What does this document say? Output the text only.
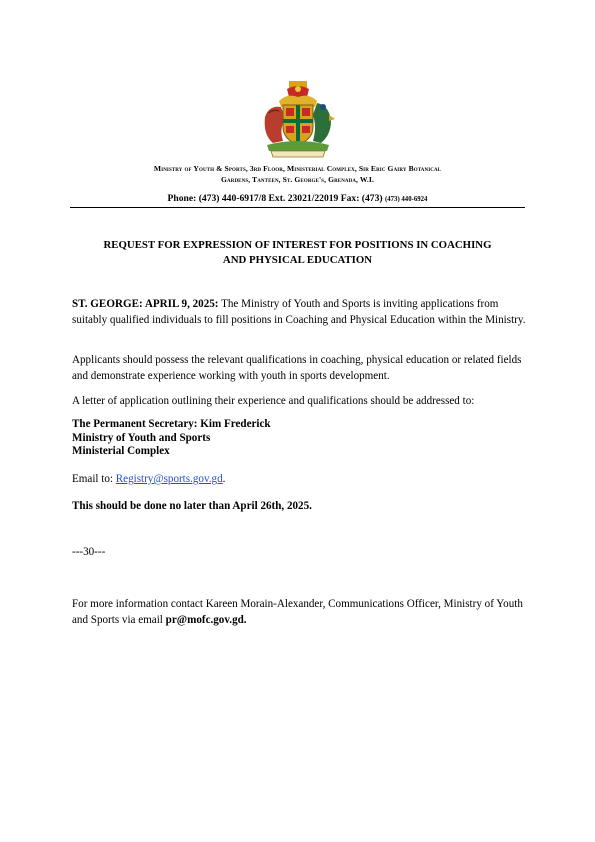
Ministry of Youth & Sports, 3rd Floor, Ministerial Complex, Sir Eric Gairy Botanical
Gardens, Tanteen, St. George's, Grenada, W.I.
Phone: (473) 440-6917/8 Ext. 23021/22019 Fax: (473) (473) 440-6924
REQUEST FOR EXPRESSION OF INTEREST FOR POSITIONS IN COACHING
AND PHYSICAL EDUCATION
ST. GEORGE: APRIL 9, 2025: The Ministry of Youth and Sports is inviting applications from suitably qualified individuals to fill positions in Coaching and Physical Education within the Ministry.
Applicants should possess the relevant qualifications in coaching, physical education or related fields and demonstrate experience working with youth in sports development.
A letter of application outlining their experience and qualifications should be addressed to:
The Permanent Secretary: Kim Frederick
Ministry of Youth and Sports
Ministerial Complex
Email to: Registry@sports.gov.gd.
This should be done no later than April 26th, 2025.
---30---
For more information contact Kareen Morain-Alexander, Communications Officer, Ministry of Youth and Sports via email pr@mofc.gov.gd.
